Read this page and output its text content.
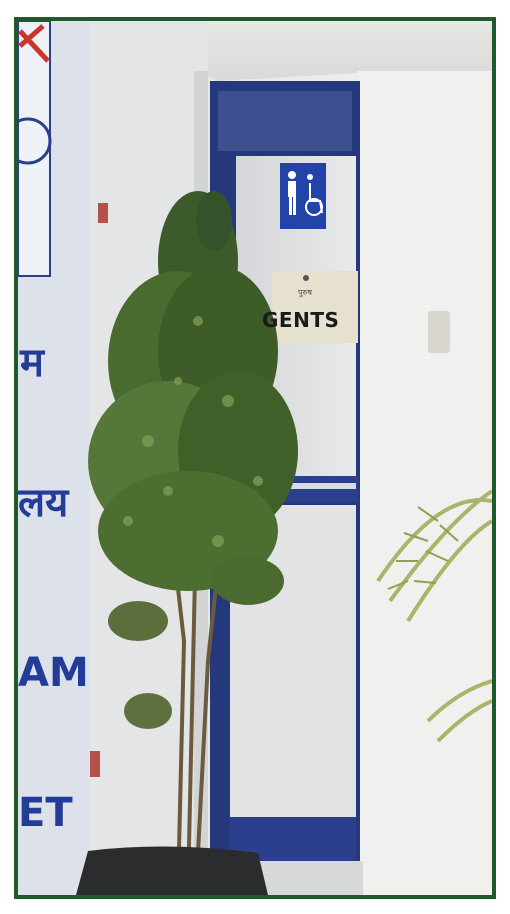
म
लय
AM
ET
पुरुष
GENTS
